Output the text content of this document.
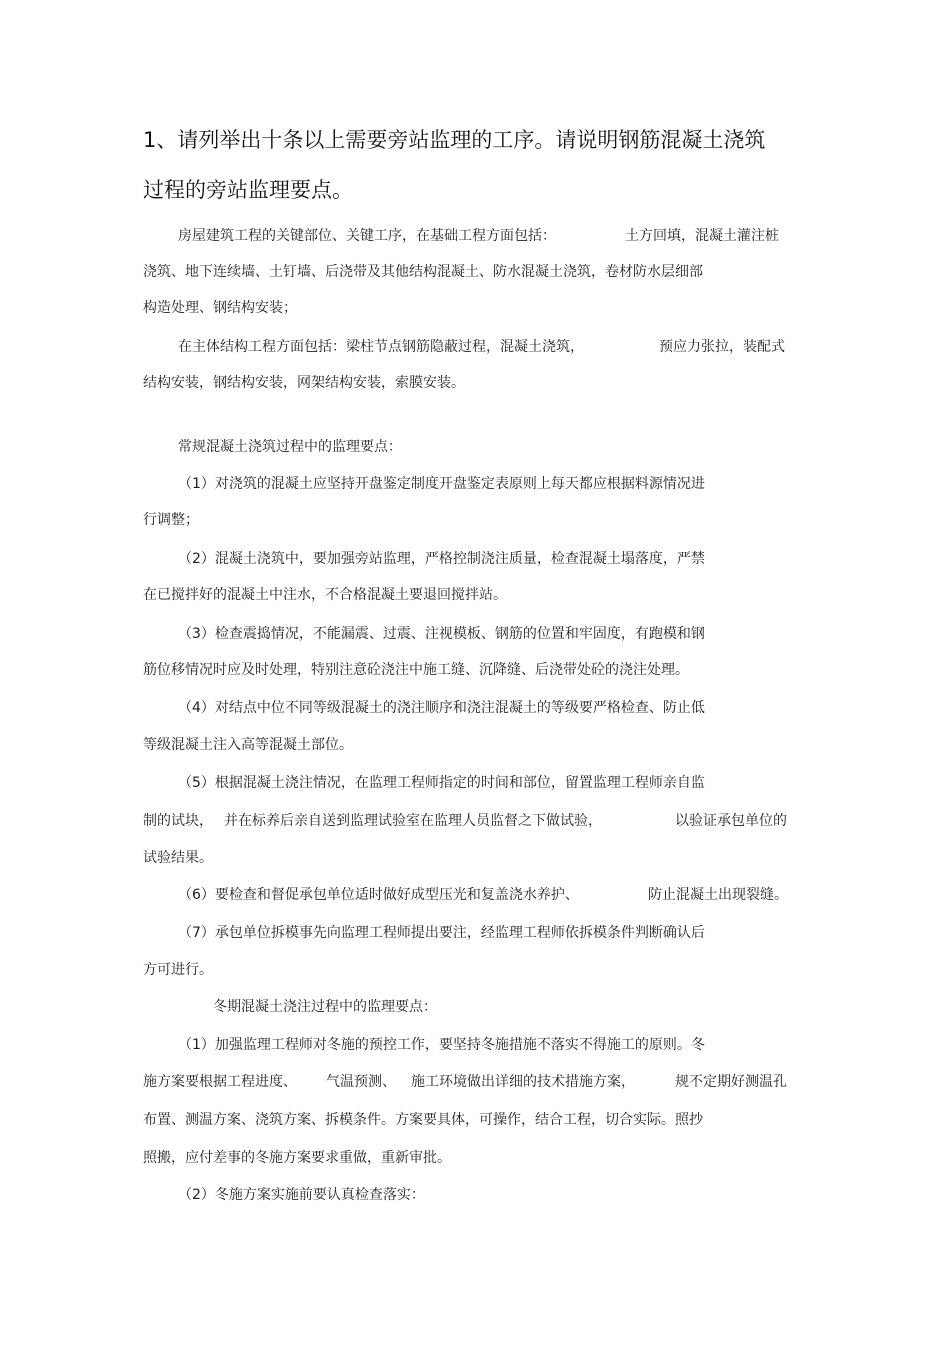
1、请列举出十条以上需要旁站监理的工序。请说明钢筋混凝土浇筑
过程的旁站监理要点。
房屋建筑工程的关键部位、关键工序，在基础工程方面包括：	土方回填，混凝土灌注桩
浇筑、地下连续墙、土钉墙、后浇带及其他结构混凝土、防水混凝土浇筑，卷材防水层细部
构造处理、钢结构安装；
在主体结构工程方面包括：梁柱节点钢筋隐蔽过程，混凝土浇筑，	预应力张拉，装配式
结构安装，钢结构安装，网架结构安装，索膜安装。
常规混凝土浇筑过程中的监理要点：
（1）对浇筑的混凝土应坚持开盘鉴定制度开盘鉴定表原则上每天都应根据料源情况进
行调整；
（2）混凝土浇筑中，要加强旁站监理，严格控制浇注质量，检查混凝土塌落度，严禁
在已搅拌好的混凝土中注水，不合格混凝土要退回搅拌站。
（3）检查震捣情况，不能漏震、过震、注视模板、钢筋的位置和牢固度，有跑模和钢
筋位移情况时应及时处理，特别注意砼浇注中施工缝、沉降缝、后浇带处砼的浇注处理。
（4）对结点中位不同等级混凝土的浇注顺序和浇注混凝土的等级要严格检查、防止低
等级混凝土注入高等混凝土部位。
（5）根据混凝土浇注情况，在监理工程师指定的时间和部位，留置监理工程师亲自监
制的试块， 并在标养后亲自送到监理试验室在监理人员监督之下做试验，	以验证承包单位的
试验结果。
（6）要检查和督促承包单位适时做好成型压光和复盖浇水养护、	防止混凝土出现裂缝。
（7）承包单位拆模事先向监理工程师提出要注，经监理工程师依拆模条件判断确认后
方可进行。
冬期混凝土浇注过程中的监理要点：
（1）加强监理工程师对冬施的预控工作，要坚持冬施措施不落实不得施工的原则。冬
施方案要根据工程进度、 气温预测、 施工环境做出详细的技术措施方案，	规不定期好测温孔
布置、测温方案、浇筑方案、拆模条件。方案要具体，可操作，结合工程，切合实际。照抄
照搬，应付差事的冬施方案要求重做，重新审批。
（2）冬施方案实施前要认真检查落实：
